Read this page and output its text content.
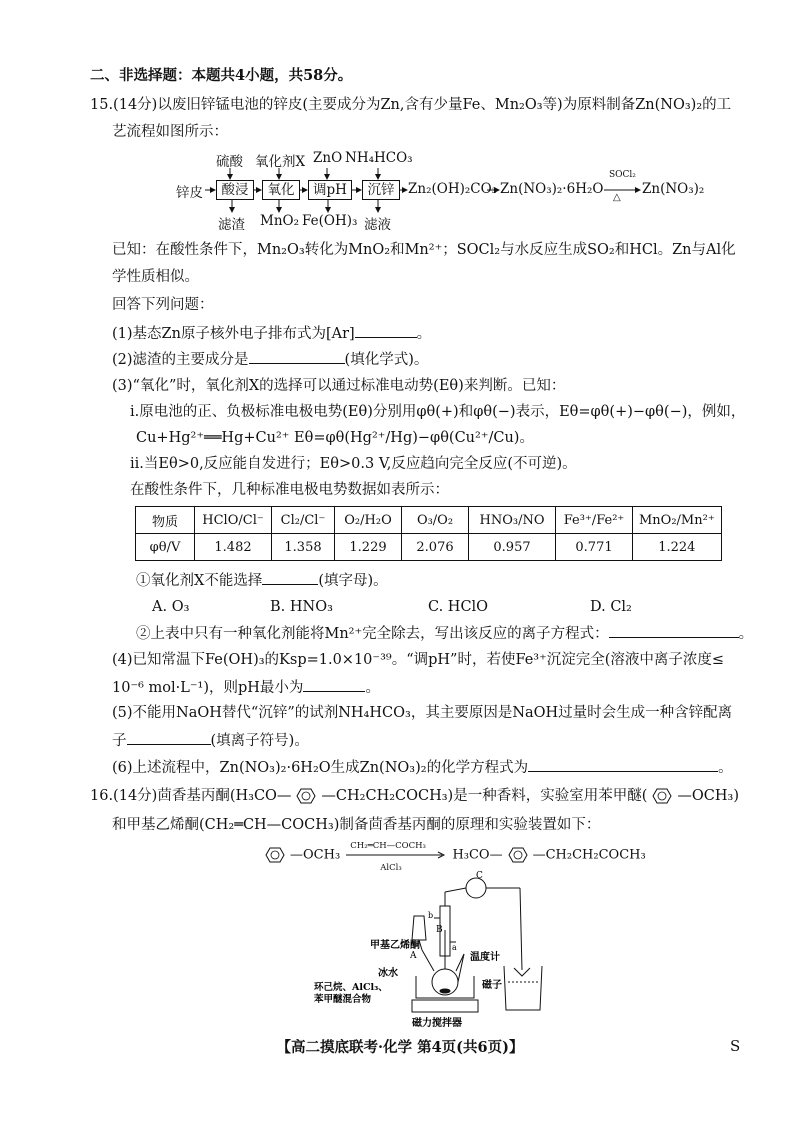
二、非选择题：本题共4小题，共58分。
15.(14分)以废旧锌锰电池的锌皮(主要成分为Zn,含有少量Fe、Mn₂O₃等)为原料制备Zn(NO₃)₂的工
艺流程如图所示：
硫酸 氧化剂X ZnO NH₄HCO₃
锌皮	酸浸	氧化	调pH	沉锌	Zn₂(OH)₂CO₃ Zn(NO₃)₂·6H₂O
SOCl₂
△
Zn(NO₃)₂
滤渣 MnO₂ Fe(OH)₃ 滤液
已知：在酸性条件下，Mn₂O₃转化为MnO₂和Mn²⁺；SOCl₂与水反应生成SO₂和HCl。Zn与Al化
学性质相似。
回答下列问题：
(1)基态Zn原子核外电子排布式为[Ar]	。
(2)滤渣的主要成分是	(填化学式)。
(3)“氧化”时，氧化剂X的选择可以通过标准电动势(Eθ)来判断。已知：
ⅰ.原电池的正、负极标准电极电势(Eθ)分别用φθ(+)和φθ(−)表示，Eθ=φθ(+)−φθ(−)，例如，
Cu+Hg²⁺══Hg+Cu²⁺ Eθ=φθ(Hg²⁺/Hg)−φθ(Cu²⁺/Cu)。
ⅱ.当Eθ>0,反应能自发进行；Eθ>0.3 V,反应趋向完全反应(不可逆)。
在酸性条件下，几种标准电极电势数据如表所示：
物质	HClO/Cl⁻	Cl₂/Cl⁻	O₂/H₂O	O₃/O₂	HNO₃/NO	Fe³⁺/Fe²⁺	MnO₂/Mn²⁺
φθ/V	1.482	1.358	1.229	2.076	0.957	0.771	1.224
①氧化剂X不能选择	(填字母)。
A. O₃	B. HNO₃	C. HClO	D. Cl₂
②上表中只有一种氧化剂能将Mn²⁺完全除去，写出该反应的离子方程式：	。
(4)已知常温下Fe(OH)₃的Ksp=1.0×10⁻³⁹。“调pH”时，若使Fe³⁺沉淀完全(溶液中离子浓度≤
10⁻⁶ mol·L⁻¹)，则pH最小为	。
(5)不能用NaOH替代“沉锌”的试剂NH₄HCO₃，其主要原因是NaOH过量时会生成一种含锌配离
子	(填离子符号)。
(6)上述流程中，Zn(NO₃)₂·6H₂O生成Zn(NO₃)₂的化学方程式为	。
16.(14分)茴香基丙酮(H₃CO— —CH₂CH₂COCH₃)是一种香料，实验室用苯甲醚( —OCH₃)
和甲基乙烯酮(CH₂═CH—COCH₃)制备茴香基丙酮的原理和实验装置如下：
—OCH₃
CH₂═CH—COCH₃
AlCl₃
H₃CO— —CH₂CH₂COCH₃
甲基乙烯酮
A
B
C
a
b
温度计
冰水
环己烷、AlCl₃、
苯甲醚混合物
磁子
磁力搅拌器
【高二摸底联考·化学 第4页(共6页)】	S
